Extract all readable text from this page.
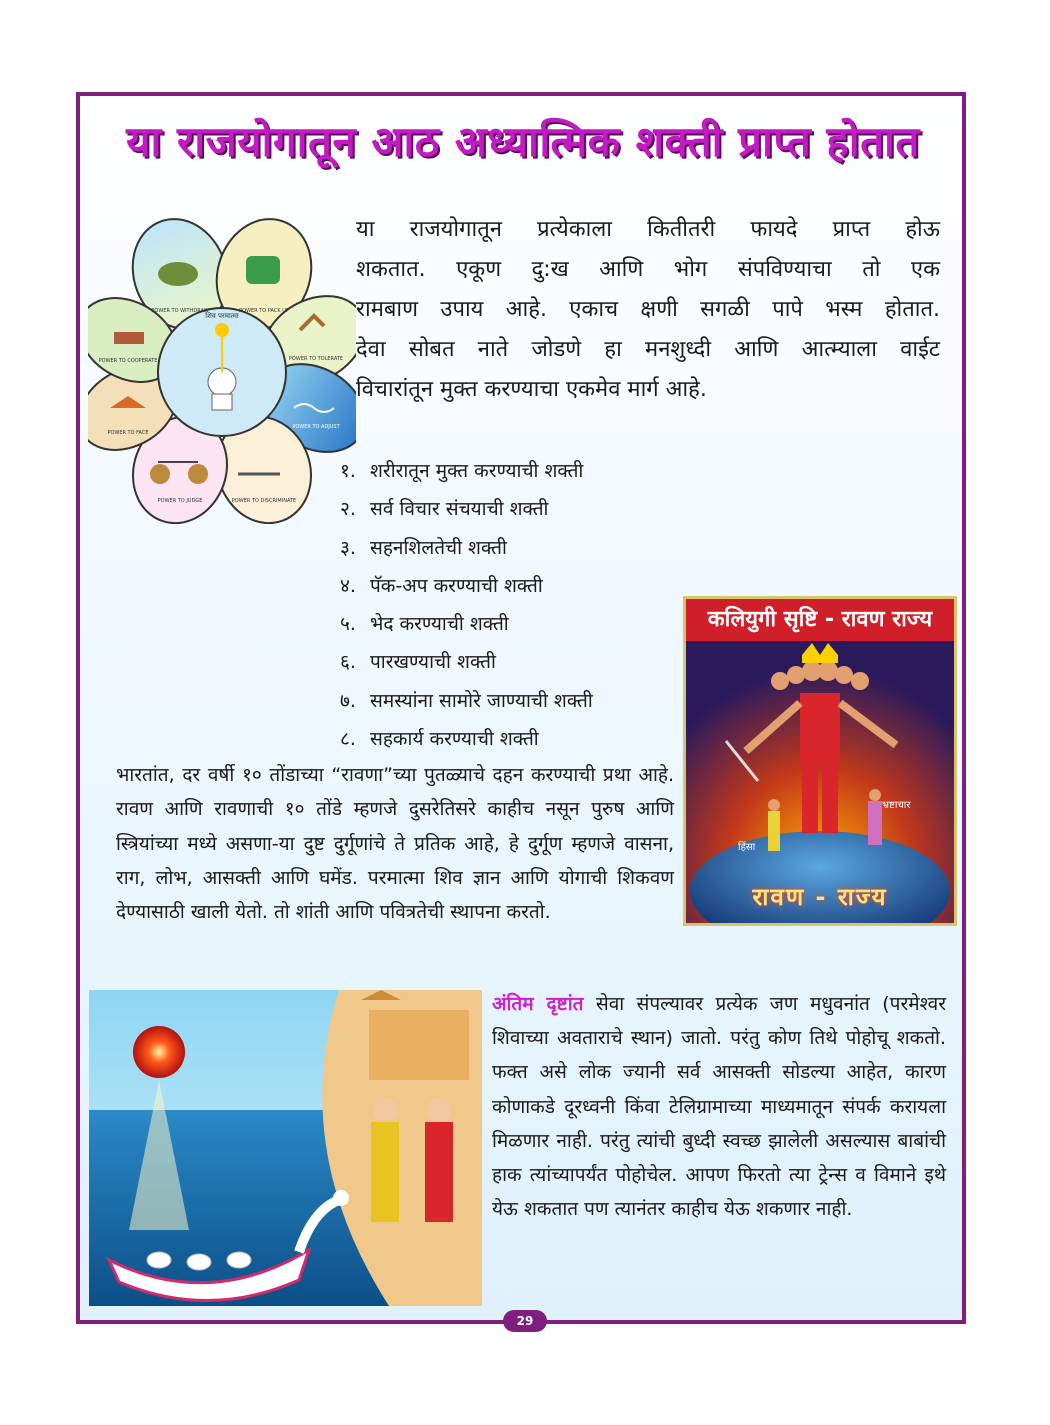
या राजयोगातून आठ अध्यात्मिक शक्ती प्राप्त होतात
शिव परमात्मा
POWER TO WITHDRAW	POWER TO PACK UP
POWER TO TOLERATE
POWER TO ADJUST
POWER TO DISCRIMINATE
POWER TO JUDGE
POWER TO COOPERATE
POWER TO FACE
या राजयोगातून प्रत्येकाला कितीतरी फायदे प्राप्त होऊ
शकतात. एकूण दु:ख आणि भोग संपविण्याचा तो एक
रामबाण उपाय आहे. एकाच क्षणी सगळी पापे भस्म होतात.
देवा सोबत नाते जोडणे हा मनशुध्दी आणि आत्म्याला वाईट
विचारांतून मुक्त करण्याचा एकमेव मार्ग आहे.
१. शरीरातून मुक्त करण्याची शक्ती
२. सर्व विचार संचयाची शक्ती
३. सहनशिलतेची शक्ती
४. पॅक-अप करण्याची शक्ती
५. भेद करण्याची शक्ती
६. पारखण्याची शक्ती
७. समस्यांना सामोरे जाण्याची शक्ती
८. सहकार्य करण्याची शक्ती
कलियुगी सृष्टि - रावण राज्य
हिंसा
भ्रष्टाचार
रावण - राज्य

भारतांत, दर वर्षी १० तोंडाच्या “रावणा”च्या पुतळ्याचे दहन करण्याची प्रथा आहे. रावण आणि रावणाची १० तोंडे म्हणजे दुसरेतिसरे काहीच नसून पुरुष आणि स्त्रियांच्या मध्ये असणा-या दुष्ट दुर्गूणांचे ते प्रतिक आहे, हे दुर्गूण म्हणजे वासना, राग, लोभ, आसक्ती आणि घमेंड. परमात्मा शिव ज्ञान आणि योगाची शिकवण देण्यासाठी खाली येतो. तो शांती आणि पवित्रतेची स्थापना करतो.

अंतिम दृष्टांत सेवा संपल्यावर प्रत्येक जण मधुवनांत (परमेश्वर शिवाच्या अवताराचे स्थान) जातो. परंतु कोण तिथे पोहोचू शकतो. फक्त असे लोक ज्यानी सर्व आसक्ती सोडल्या आहेत, कारण कोणाकडे दूरध्वनी किंवा टेलिग्रामाच्या माध्यमातून संपर्क करायला मिळणार नाही. परंतु त्यांची बुध्दी स्वच्छ झालेली असल्यास बाबांची हाक त्यांच्यापर्यंत पोहोचेल. आपण फिरतो त्या ट्रेन्स व विमाने इथे येऊ शकतात पण त्यानंतर काहीच येऊ शकणार नाही.

29
